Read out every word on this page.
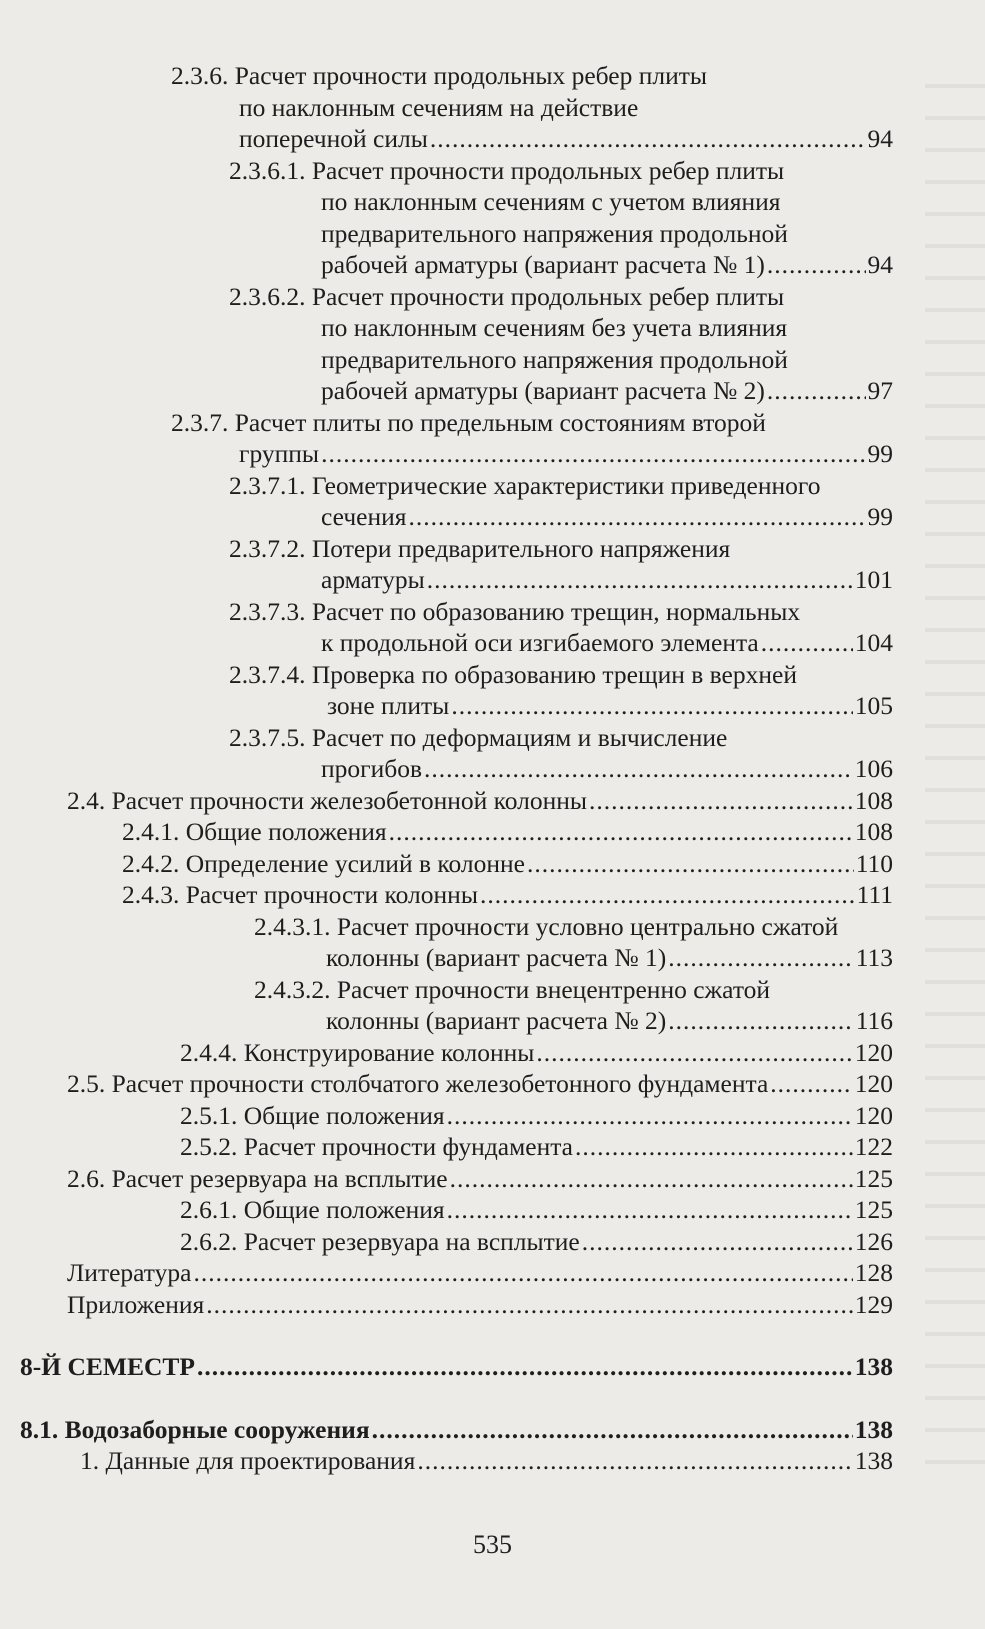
2.3.6. Расчет прочности продольных ребер плиты
по наклонным сечениям на действие
поперечной силы .....	94
2.3.6.1. Расчет прочности продольных ребер плиты
по наклонным сечениям с учетом влияния
предварительного напряжения продольной
рабочей арматуры (вариант расчета № 1) .....	94
2.3.6.2. Расчет прочности продольных ребер плиты
по наклонным сечениям без учета влияния
предварительного напряжения продольной
рабочей арматуры (вариант расчета № 2) .....	97
2.3.7. Расчет плиты по предельным состояниям второй
группы .....	99
2.3.7.1. Геометрические характеристики приведенного
сечения .....	99
2.3.7.2. Потери предварительного напряжения
арматуры .....	101
2.3.7.3. Расчет по образованию трещин, нормальных
к продольной оси изгибаемого элемента .....	104
2.3.7.4. Проверка по образованию трещин в верхней
зоне плиты .....	105
2.3.7.5. Расчет по деформациям и вычисление
прогибов .....	106
2.4. Расчет прочности железобетонной колонны .....	108
2.4.1. Общие положения .....	108
2.4.2. Определение усилий в колонне .....	110
2.4.3. Расчет прочности колонны .....	111
2.4.3.1. Расчет прочности условно центрально сжатой
колонны (вариант расчета № 1) .....	113
2.4.3.2. Расчет прочности внецентренно сжатой
колонны (вариант расчета № 2) .....	116
2.4.4. Конструирование колонны .....	120
2.5. Расчет прочности столбчатого железобетонного фундамента .....	120
2.5.1. Общие положения .....	120
2.5.2. Расчет прочности фундамента .....	122
2.6. Расчет резервуара на всплытие .....	125
2.6.1. Общие положения .....	125
2.6.2. Расчет резервуара на всплытие .....	126
Литература .....	128
Приложения .....	129
8-Й СЕМЕСТР .....	138
8.1. Водозаборные сооружения .....	138
1. Данные для проектирования .....	138
535
